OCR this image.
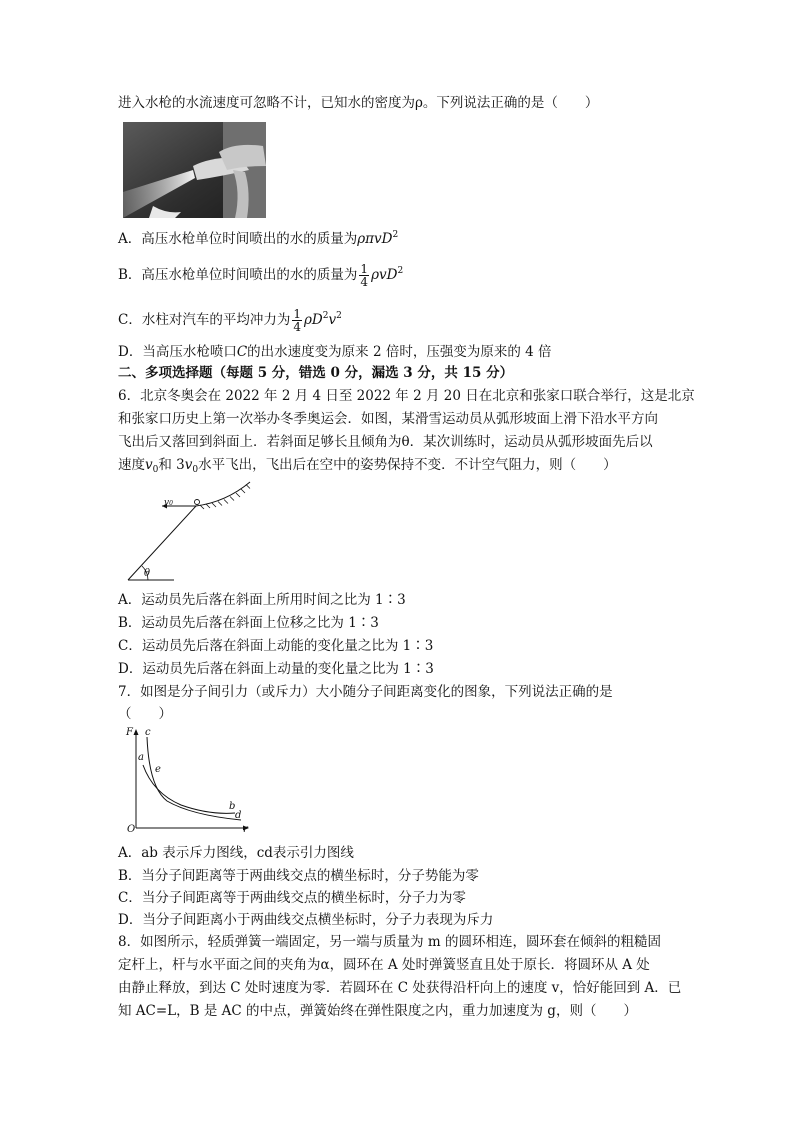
进入水枪的水流速度可忽略不计，已知水的密度为ρ。下列说法正确的是（　　）
A．高压水枪单位时间喷出的水的质量为ρπvD$^2$
B．高压水枪单位时间喷出的水的质量为 $\frac{1}{4} \rho vD^2$
C．水柱对汽车的平均冲力为 $\frac{1}{4} \rho D^2v^2$
D．当高压水枪喷口C的出水速度变为原来 2 倍时，压强变为原来的 4 倍
二、多项选择题（每题 5 分，错选 0 分，漏选 3 分，共 15 分）
6．北京冬奥会在 2022 年 2 月 4 日至 2022 年 2 月 20 日在北京和张家口联合举行，这是北京
和张家口历史上第一次举办冬季奥运会．如图，某滑雪运动员从弧形坡面上滑下沿水平方向
飞出后又落回到斜面上．若斜面足够长且倾角为θ．某次训练时，运动员从弧形坡面先后以
速度$v_0$和 $3v_0$水平飞出，飞出后在空中的姿势保持不变．不计空气阻力，则（　　）
v0
θ
A．运动员先后落在斜面上所用时间之比为 1∶3
B．运动员先后落在斜面上位移之比为 1∶3
C．运动员先后落在斜面上动能的变化量之比为 1∶3
D．运动员先后落在斜面上动量的变化量之比为 1∶3
7．如图是分子间引力（或斥力）大小随分子间距离变化的图象，下列说法正确的是
（　　）
F
O	r
c
a
e
b
d
A．ab 表示斥力图线，cd表示引力图线
B．当分子间距离等于两曲线交点的横坐标时，分子势能为零
C．当分子间距离等于两曲线交点的横坐标时，分子力为零
D．当分子间距离小于两曲线交点横坐标时，分子力表现为斥力
8．如图所示，轻质弹簧一端固定，另一端与质量为 m 的圆环相连，圆环套在倾斜的粗糙固
定杆上，杆与水平面之间的夹角为α，圆环在 A 处时弹簧竖直且处于原长．将圆环从 A 处
由静止释放，到达 C 处时速度为零．若圆环在 C 处获得沿杆向上的速度 v，恰好能回到 A．已
知 AC=L，B 是 AC 的中点，弹簧始终在弹性限度之内，重力加速度为 g，则（　　）
